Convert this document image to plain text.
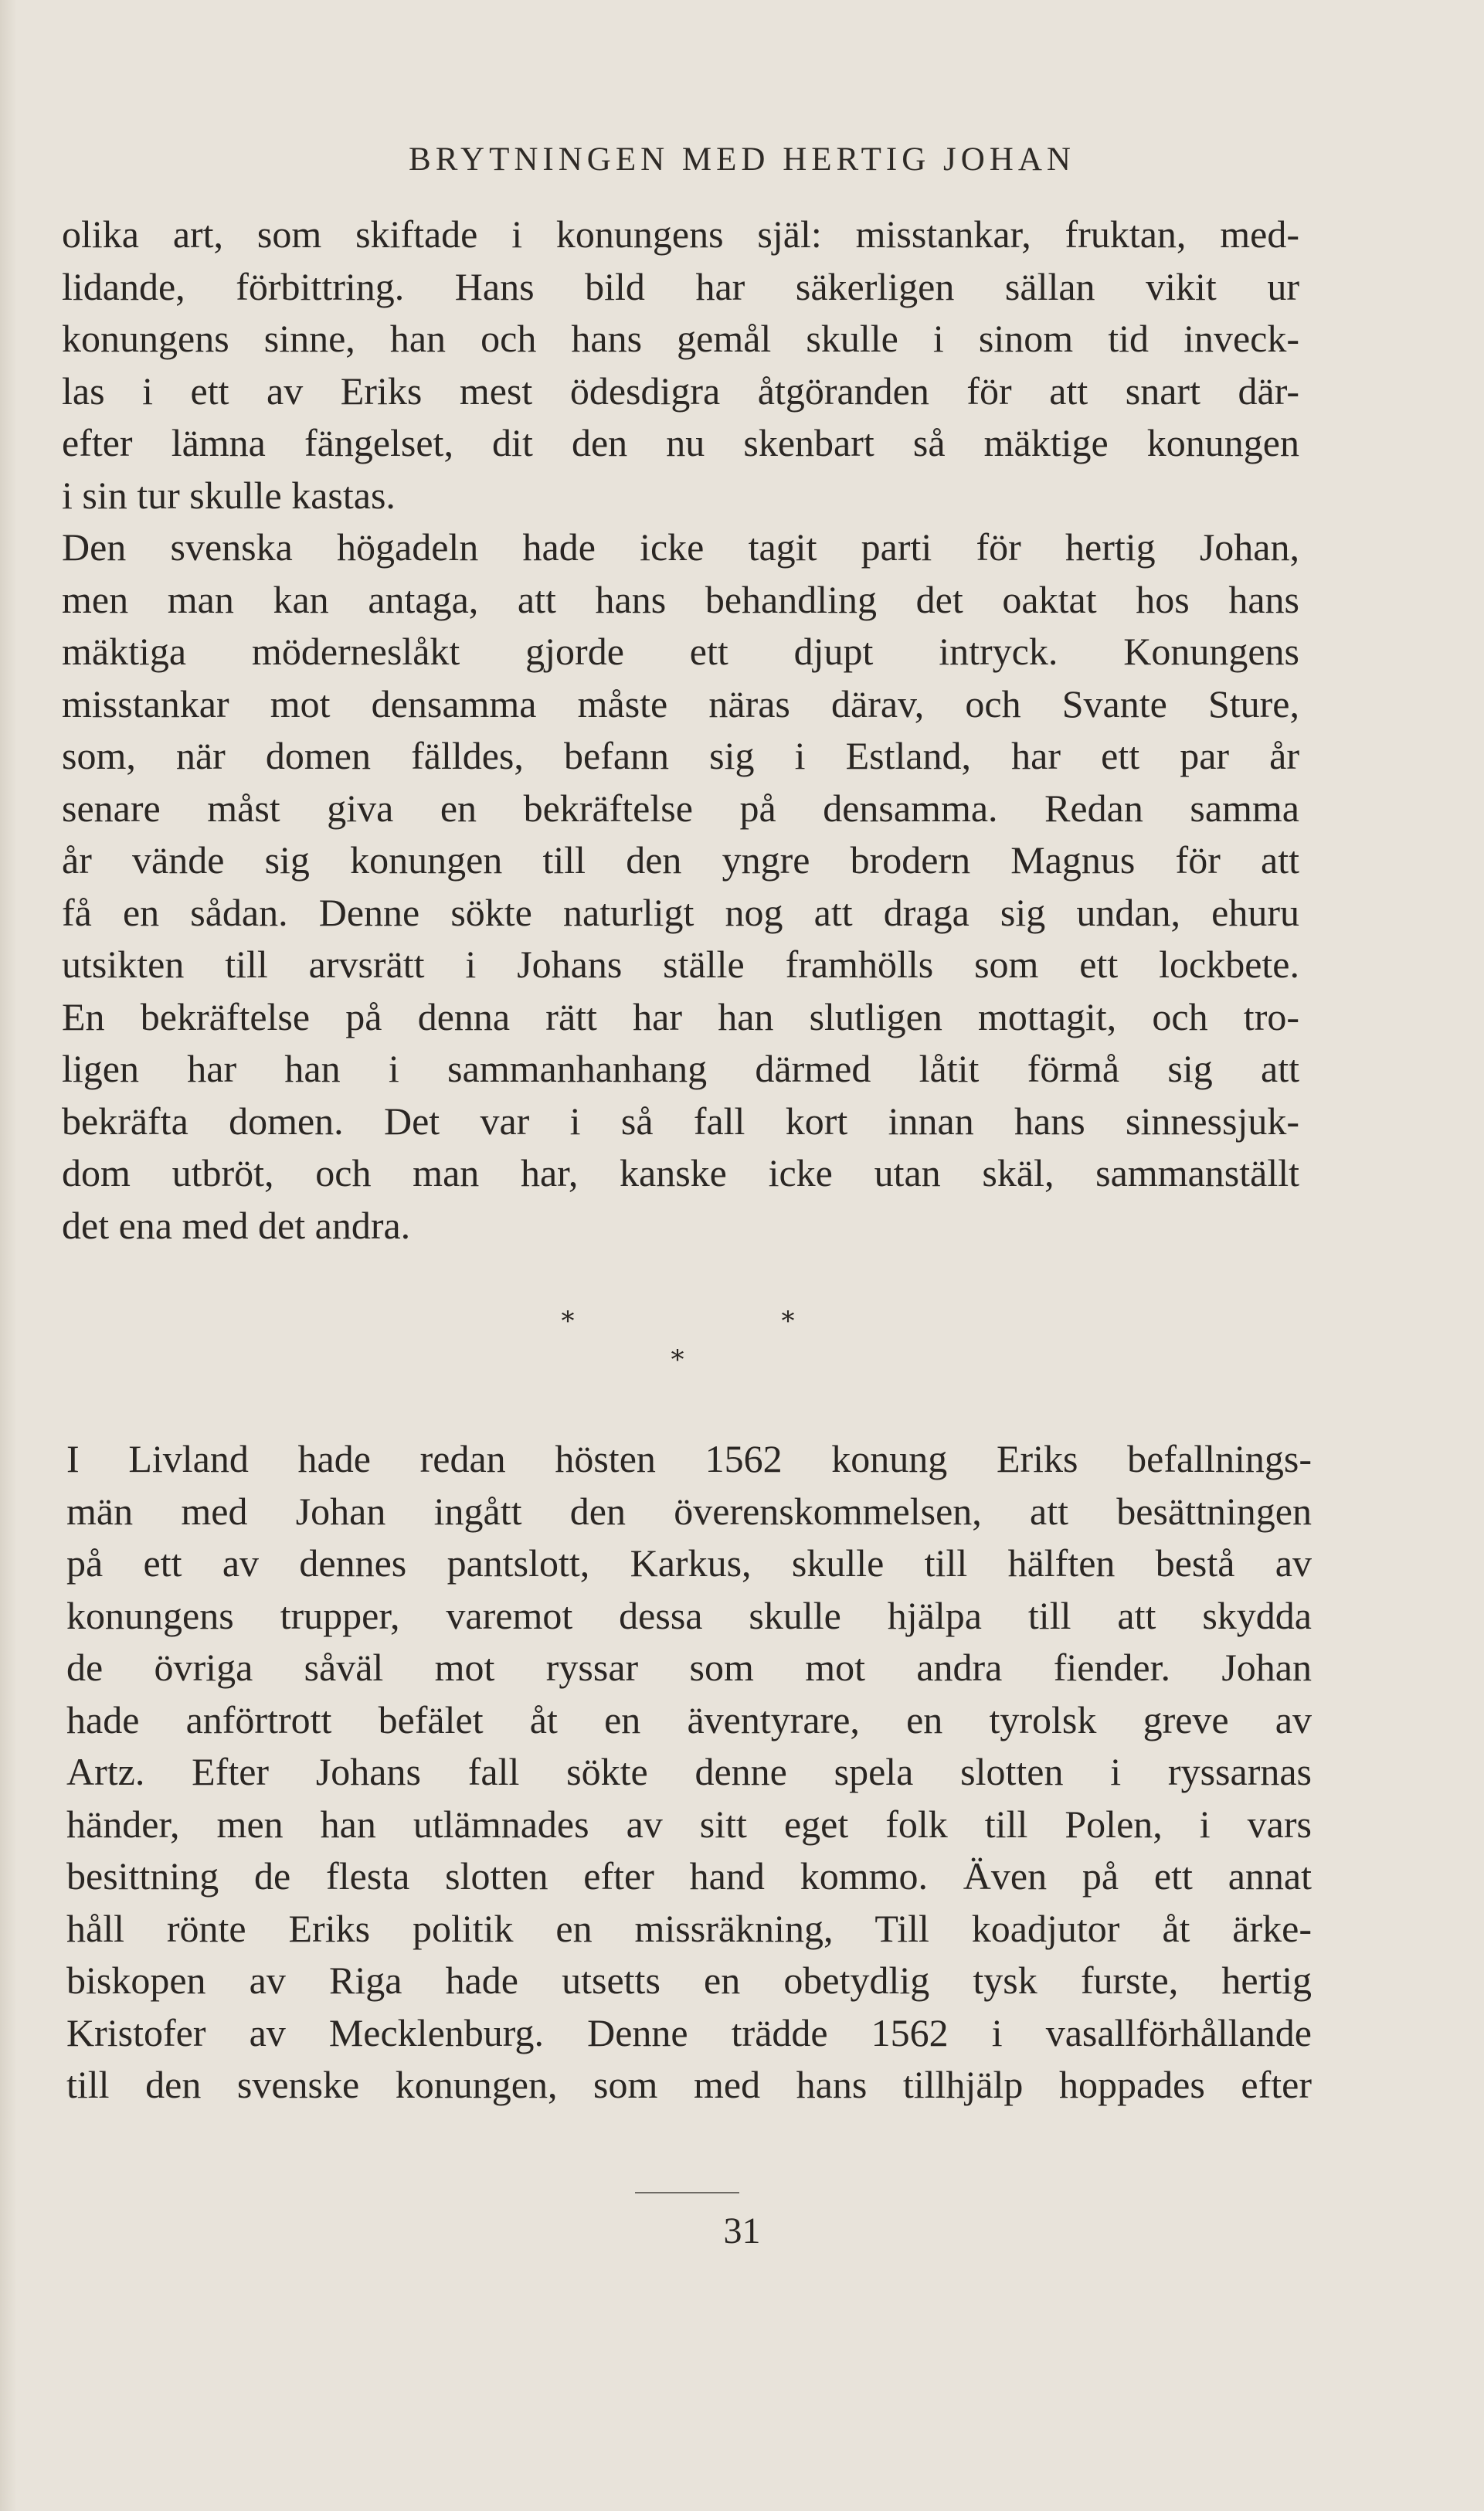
BRYTNINGEN MED HERTIG JOHAN
olika art, som skiftade i konungens själ: misstankar, fruktan, med-
lidande, förbittring. Hans bild har säkerligen sällan vikit ur
konungens sinne, han och hans gemål skulle i sinom tid inveck-
las i ett av Eriks mest ödesdigra åtgöranden för att snart där-
efter lämna fängelset, dit den nu skenbart så mäktige konungen
i sin tur skulle kastas.
Den svenska högadeln hade icke tagit parti för hertig Johan,
men man kan antaga, att hans behandling det oaktat hos hans
mäktiga möderneslåkt gjorde ett djupt intryck. Konungens
misstankar mot densamma måste näras därav, och Svante Sture,
som, när domen fälldes, befann sig i Estland, har ett par år
senare måst giva en bekräftelse på densamma. Redan samma
år vände sig konungen till den yngre brodern Magnus för att
få en sådan. Denne sökte naturligt nog att draga sig undan, ehuru
utsikten till arvsrätt i Johans ställe framhölls som ett lockbete.
En bekräftelse på denna rätt har han slutligen mottagit, och tro-
ligen har han i sammanhanhang därmed låtit förmå sig att
bekräfta domen. Det var i så fall kort innan hans sinnessjuk-
dom utbröt, och man har, kanske icke utan skäl, sammanställt
det ena med det andra.
*	*
*
I Livland hade redan hösten 1562 konung Eriks befallnings-
män med Johan ingått den överenskommelsen, att besättningen
på ett av dennes pantslott, Karkus, skulle till hälften bestå av
konungens trupper, varemot dessa skulle hjälpa till att skydda
de övriga såväl mot ryssar som mot andra fiender. Johan
hade anförtrott befälet åt en äventyrare, en tyrolsk greve av
Artz. Efter Johans fall sökte denne spela slotten i ryssarnas
händer, men han utlämnades av sitt eget folk till Polen, i vars
besittning de flesta slotten efter hand kommo. Även på ett annat
håll rönte Eriks politik en missräkning, Till koadjutor åt ärke-
biskopen av Riga hade utsetts en obetydlig tysk furste, hertig
Kristofer av Mecklenburg. Denne trädde 1562 i vasallförhållande
till den svenske konungen, som med hans tillhjälp hoppades efter
31
